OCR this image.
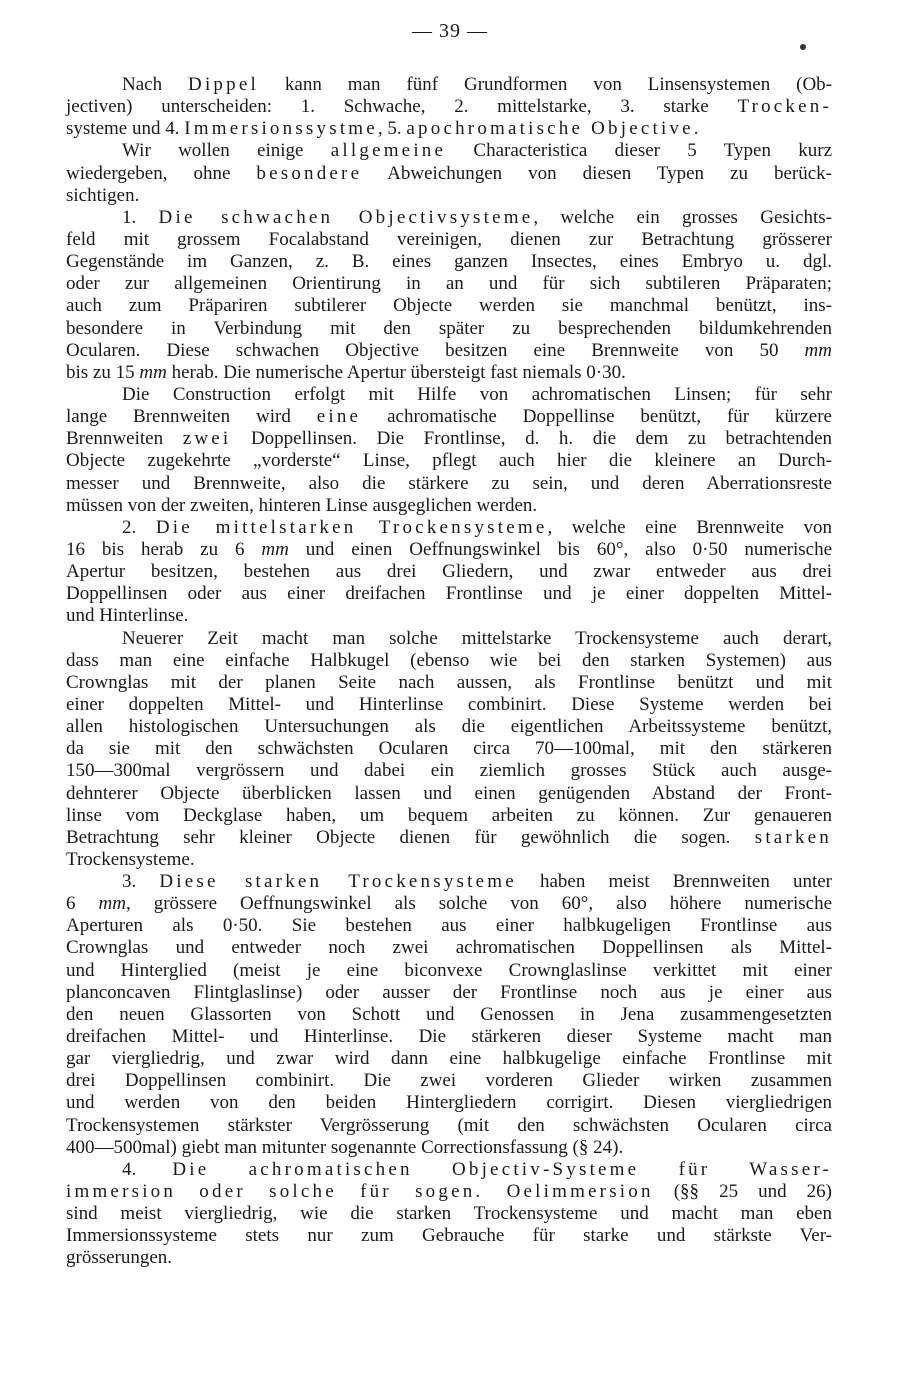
— 39 —
Nach Dippel kann man fünf Grundformen von Linsensystemen (Ob-
jectiven) unterscheiden: 1. Schwache, 2. mittelstarke, 3. starke Trocken-
systeme und 4. Immersionssystme, 5. apochromatische Objective.
Wir wollen einige allgemeine Characteristica dieser 5 Typen kurz
wiedergeben, ohne besondere Abweichungen von diesen Typen zu berück-
sichtigen.
1. Die schwachen Objectivsysteme, welche ein grosses Gesichts-
feld mit grossem Focalabstand vereinigen, dienen zur Betrachtung grösserer
Gegenstände im Ganzen, z. B. eines ganzen Insectes, eines Embryo u. dgl.
oder zur allgemeinen Orientirung in an und für sich subtileren Präparaten;
auch zum Präpariren subtilerer Objecte werden sie manchmal benützt, ins-
besondere in Verbindung mit den später zu besprechenden bildumkehrenden
Ocularen. Diese schwachen Objective besitzen eine Brennweite von 50 mm
bis zu 15 mm herab. Die numerische Apertur übersteigt fast niemals 0·30.
Die Construction erfolgt mit Hilfe von achromatischen Linsen; für sehr
lange Brennweiten wird eine achromatische Doppellinse benützt, für kürzere
Brennweiten zwei Doppellinsen. Die Frontlinse, d. h. die dem zu betrachtenden
Objecte zugekehrte „vorderste“ Linse, pflegt auch hier die kleinere an Durch-
messer und Brennweite, also die stärkere zu sein, und deren Aberrationsreste
müssen von der zweiten, hinteren Linse ausgeglichen werden.
2. Die mittelstarken Trockensysteme, welche eine Brennweite von
16 bis herab zu 6 mm und einen Oeffnungswinkel bis 60°, also 0·50 numerische
Apertur besitzen, bestehen aus drei Gliedern, und zwar entweder aus drei
Doppellinsen oder aus einer dreifachen Frontlinse und je einer doppelten Mittel-
und Hinterlinse.
Neuerer Zeit macht man solche mittelstarke Trockensysteme auch derart,
dass man eine einfache Halbkugel (ebenso wie bei den starken Systemen) aus
Crownglas mit der planen Seite nach aussen, als Frontlinse benützt und mit
einer doppelten Mittel- und Hinterlinse combinirt. Diese Systeme werden bei
allen histologischen Untersuchungen als die eigentlichen Arbeitssysteme benützt,
da sie mit den schwächsten Ocularen circa 70—100mal, mit den stärkeren
150—300mal vergrössern und dabei ein ziemlich grosses Stück auch ausge-
dehnterer Objecte überblicken lassen und einen genügenden Abstand der Front-
linse vom Deckglase haben, um bequem arbeiten zu können. Zur genaueren
Betrachtung sehr kleiner Objecte dienen für gewöhnlich die sogen. starken
Trockensysteme.
3. Diese starken Trockensysteme haben meist Brennweiten unter
6 mm, grössere Oeffnungswinkel als solche von 60°, also höhere numerische
Aperturen als 0·50. Sie bestehen aus einer halbkugeligen Frontlinse aus
Crownglas und entweder noch zwei achromatischen Doppellinsen als Mittel-
und Hinterglied (meist je eine biconvexe Crownglaslinse verkittet mit einer
planconcaven Flintglaslinse) oder ausser der Frontlinse noch aus je einer aus
den neuen Glassorten von Schott und Genossen in Jena zusammengesetzten
dreifachen Mittel- und Hinterlinse. Die stärkeren dieser Systeme macht man
gar viergliedrig, und zwar wird dann eine halbkugelige einfache Frontlinse mit
drei Doppellinsen combinirt. Die zwei vorderen Glieder wirken zusammen
und werden von den beiden Hintergliedern corrigirt. Diesen viergliedrigen
Trockensystemen stärkster Vergrösserung (mit den schwächsten Ocularen circa
400—500mal) giebt man mitunter sogenannte Correctionsfassung (§ 24).
4. Die achromatischen Objectiv-Systeme für Wasser-
immersion oder solche für sogen. Oelimmersion (§§ 25 und 26)
sind meist viergliedrig, wie die starken Trockensysteme und macht man eben
Immersionssysteme stets nur zum Gebrauche für starke und stärkste Ver-
grösserungen.
